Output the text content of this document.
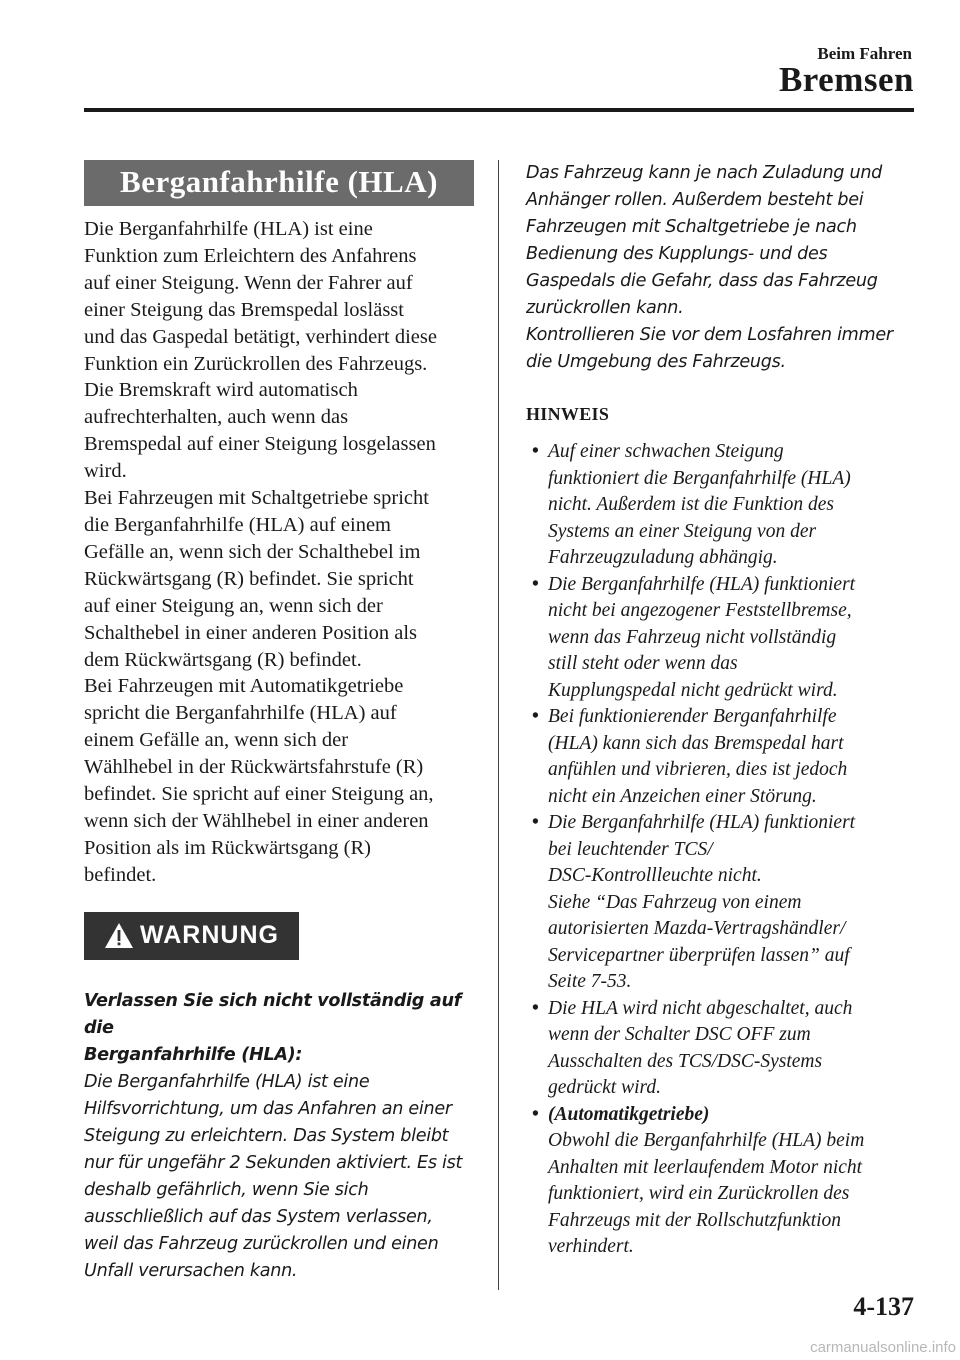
Beim Fahren
Bremsen
Berganfahrhilfe (HLA)

Die Berganfahrhilfe (HLA) ist eine
Funktion zum Erleichtern des Anfahrens
auf einer Steigung. Wenn der Fahrer auf
einer Steigung das Bremspedal loslässt
und das Gaspedal betätigt, verhindert diese
Funktion ein Zurückrollen des Fahrzeugs.
Die Bremskraft wird automatisch
aufrechterhalten, auch wenn das
Bremspedal auf einer Steigung losgelassen
wird.
Bei Fahrzeugen mit Schaltgetriebe spricht
die Berganfahrhilfe (HLA) auf einem
Gefälle an, wenn sich der Schalthebel im
Rückwärtsgang (R) befindet. Sie spricht
auf einer Steigung an, wenn sich der
Schalthebel in einer anderen Position als
dem Rückwärtsgang (R) befindet.
Bei Fahrzeugen mit Automatikgetriebe
spricht die Berganfahrhilfe (HLA) auf
einem Gefälle an, wenn sich der
Wählhebel in der Rückwärtsfahrstufe (R)
befindet. Sie spricht auf einer Steigung an,
wenn sich der Wählhebel in einer anderen
Position als im Rückwärtsgang (R)
befindet.

WARNUNG
Verlassen Sie sich nicht vollständig auf die
Berganfahrhilfe (HLA):
Die Berganfahrhilfe (HLA) ist eine
Hilfsvorrichtung, um das Anfahren an einer
Steigung zu erleichtern. Das System bleibt
nur für ungefähr 2 Sekunden aktiviert. Es ist
deshalb gefährlich, wenn Sie sich
ausschließlich auf das System verlassen,
weil das Fahrzeug zurückrollen und einen
Unfall verursachen kann.
Das Fahrzeug kann je nach Zuladung und
Anhänger rollen. Außerdem besteht bei
Fahrzeugen mit Schaltgetriebe je nach
Bedienung des Kupplungs- und des
Gaspedals die Gefahr, dass das Fahrzeug
zurückrollen kann.
Kontrollieren Sie vor dem Losfahren immer
die Umgebung des Fahrzeugs.
HINWEIS
• Auf einer schwachen Steigung
funktioniert die Berganfahrhilfe (HLA)
nicht. Außerdem ist die Funktion des
Systems an einer Steigung von der
Fahrzeugzuladung abhängig.
• Die Berganfahrhilfe (HLA) funktioniert
nicht bei angezogener Feststellbremse,
wenn das Fahrzeug nicht vollständig
still steht oder wenn das
Kupplungspedal nicht gedrückt wird.
• Bei funktionierender Berganfahrhilfe
(HLA) kann sich das Bremspedal hart
anfühlen und vibrieren, dies ist jedoch
nicht ein Anzeichen einer Störung.
• Die Berganfahrhilfe (HLA) funktioniert
bei leuchtender TCS/
DSC-Kontrollleuchte nicht.
Siehe “Das Fahrzeug von einem
autorisierten Mazda-Vertragshändler/
Servicepartner überprüfen lassen” auf
Seite 7-53.
• Die HLA wird nicht abgeschaltet, auch
wenn der Schalter DSC OFF zum
Ausschalten des TCS/DSC-Systems
gedrückt wird.
• (Automatikgetriebe)
Obwohl die Berganfahrhilfe (HLA) beim
Anhalten mit leerlaufendem Motor nicht
funktioniert, wird ein Zurückrollen des
Fahrzeugs mit der Rollschutzfunktion
verhindert.
4-137
carmanualsonline.info
